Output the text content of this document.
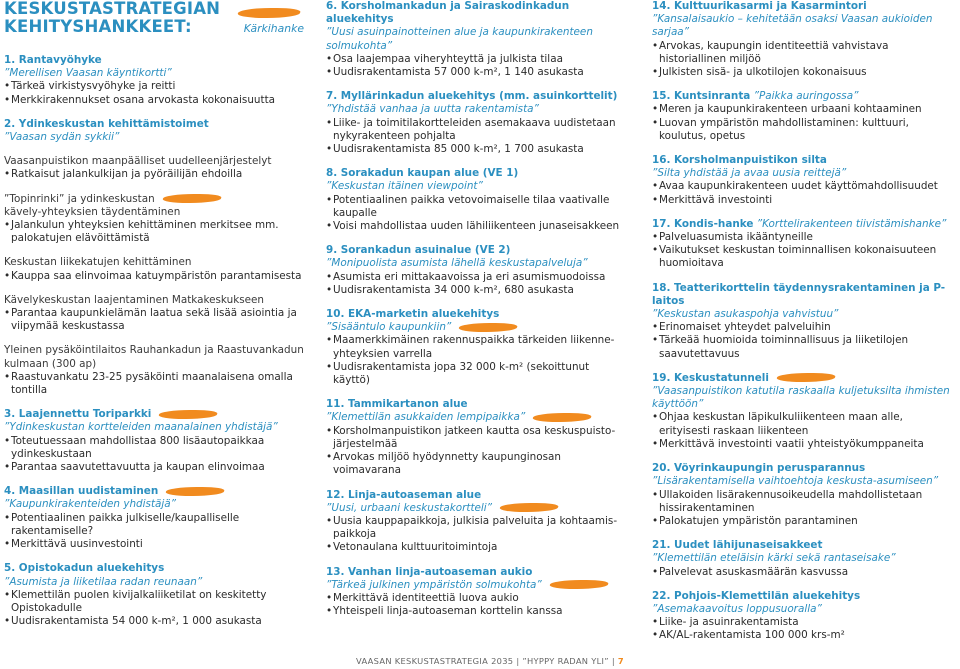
KESKUSTASTRATEGIAN
KEHITYSHANKKEET:	Kärkihanke
1. Rantavyöhyke
”Merellisen Vaasan käyntikortti”
• Tärkeä virkistysvyöhyke ja reitti
• Merkkirakennukset osana arvokasta kokonaisuutta
2. Ydinkeskustan kehittämistoimet
”Vaasan sydän sykkii”
Vaasanpuistikon maanpäälliset uudelleenjärjestelyt
• Ratkaisut jalankulkijan ja pyöräilijän ehdoilla
”Topinrinki” ja ydinkeskustan
kävely-yhteyksien täydentäminen
• Jalankulun yhteyksien kehittäminen merkitsee mm. palokatujen elävöittämistä
Keskustan liikekatujen kehittäminen
• Kauppa saa elinvoimaa katuympäristön parantamisesta
Kävelykeskustan laajentaminen Matkakeskukseen
• Parantaa kaupunkielämän laatua sekä lisää asiointia ja viipymää keskustassa
Yleinen pysäköintilaitos Rauhankadun ja Raastuvankadun kulmaan (300 ap)
• Raastuvankatu 23-25 pysäköinti maanalaisena omalla tontilla
3. Laajennettu Toriparkki
”Ydinkeskustan kortteleiden maanalainen yhdistäjä”
• Toteutuessaan mahdollistaa 800 lisäautopaikkaa ydinkeskustaan
• Parantaa saavutettavuutta ja kaupan elinvoimaa
4. Maasillan uudistaminen
”Kaupunkirakenteiden yhdistäjä”
• Potentiaalinen paikka julkiselle/kaupalliselle rakentamiselle?
• Merkittävä uusinvestointi
5. Opistokadun aluekehitys
”Asumista ja liiketilaa radan reunaan”
• Klemettilän puolen kivijalkaliiketilat on keskitetty Opistokadulle
• Uudisrakentamista 54 000 k-m², 1 000 asukasta
6. Korsholmankadun ja Sairaskodinkadun aluekehitys
”Uusi asuinpainotteinen alue ja kaupunkirakenteen solmukohta”
• Osa laajempaa viheryhteyttä ja julkista tilaa
• Uudisrakentamista 57 000 k-m², 1 140 asukasta
7. Myllärinkadun aluekehitys (mm. asuinkorttelit)
”Yhdistää vanhaa ja uutta rakentamista”
• Liike- ja toimitilakortteleiden asemakaava uudistetaan nykyrakenteen pohjalta
• Uudisrakentamista 85 000 k-m², 1 700 asukasta
8. Sorakadun kaupan alue (VE 1)
”Keskustan itäinen viewpoint”
• Potentiaalinen paikka vetovoimaiselle tilaa vaativalle kaupalle
• Voisi mahdollistaa uuden lähiliikenteen junaseisakkeen
9. Sorankadun asuinalue (VE 2)
”Monipuolista asumista lähellä keskustapalveluja”
• Asumista eri mittakaavoissa ja eri asumismuodoissa
• Uudisrakentamista 34 000 k-m², 680 asukasta
10. EKA-marketin aluekehitys
”Sisääntulo kaupunkiin”
• Maamerkkimäinen rakennuspaikka tärkeiden liikenne-yhteyksien varrella
• Uudisrakentamista jopa 32 000 k-m² (sekoittunut käyttö)
11. Tammikartanon alue
”Klemettilän asukkaiden lempipaikka”
• Korsholmanpuistikon jatkeen kautta osa keskuspuisto-järjestelmää
• Arvokas miljöö hyödynnetty kaupunginosan voimavarana
12. Linja-autoaseman alue
”Uusi, urbaani keskustakortteli”
• Uusia kauppapaikkoja, julkisia palveluita ja kohtaamis-paikkoja
• Vetonaulana kulttuuritoimintoja
13. Vanhan linja-autoaseman aukio
”Tärkeä julkinen ympäristön solmukohta”
• Merkittävä identiteettiä luova aukio
• Yhteispeli linja-autoaseman korttelin kanssa
14. Kulttuurikasarmi ja Kasarmintori
”Kansalaisaukio – kehitetään osaksi Vaasan aukioiden sarjaa”
• Arvokas, kaupungin identiteettiä vahvistava historiallinen miljöö
• Julkisten sisä- ja ulkotilojen kokonaisuus
15. Kuntsinranta ”Paikka auringossa”
• Meren ja kaupunkirakenteen urbaani kohtaaminen
• Luovan ympäristön mahdollistaminen: kulttuuri, koulutus, opetus
16. Korsholmanpuistikon silta
”Silta yhdistää ja avaa uusia reittejä”
• Avaa kaupunkirakenteen uudet käyttömahdollisuudet
• Merkittävä investointi
17. Kondis-hanke ”Korttelirakenteen tiivistämishanke”
• Palveluasumista ikääntyneille
• Vaikutukset keskustan toiminnallisen kokonaisuuteen huomioitava
18. Teatterikorttelin täydennysrakentaminen ja P-laitos
”Keskustan asukaspohja vahvistuu”
• Erinomaiset yhteydet palveluihin
• Tärkeää huomioida toiminnallisuus ja liiketilojen saavutettavuus
19. Keskustatunneli
”Vaasanpuistikon katutila raskaalla kuljetuksilta ihmisten käyttöön”
• Ohjaa keskustan läpikulkuliikenteen maan alle, erityisesti raskaan liikenteen
• Merkittävä investointi vaatii yhteistyökumppaneita
20. Vöyrinkaupungin perusparannus
”Lisärakentamisella vaihtoehtoja keskusta-asumiseen”
• Ullakoiden lisärakennusoikeudella mahdollistetaan hissirakentaminen
• Palokatujen ympäristön parantaminen
21. Uudet lähijunaseisakkeet
”Klemettilän eteläisin kärki sekä rantaseisake”
• Palvelevat asuskasmäärän kasvussa
22. Pohjois-Klemettilän aluekehitys
”Asemakaavoitus loppusuoralla”
• Liike- ja asuinrakentamista
• AK/AL-rakentamista 100 000 krs-m²
VAASAN KESKUSTASTRATEGIA 2035 | ”HYPPY RADAN YLI” | 7
